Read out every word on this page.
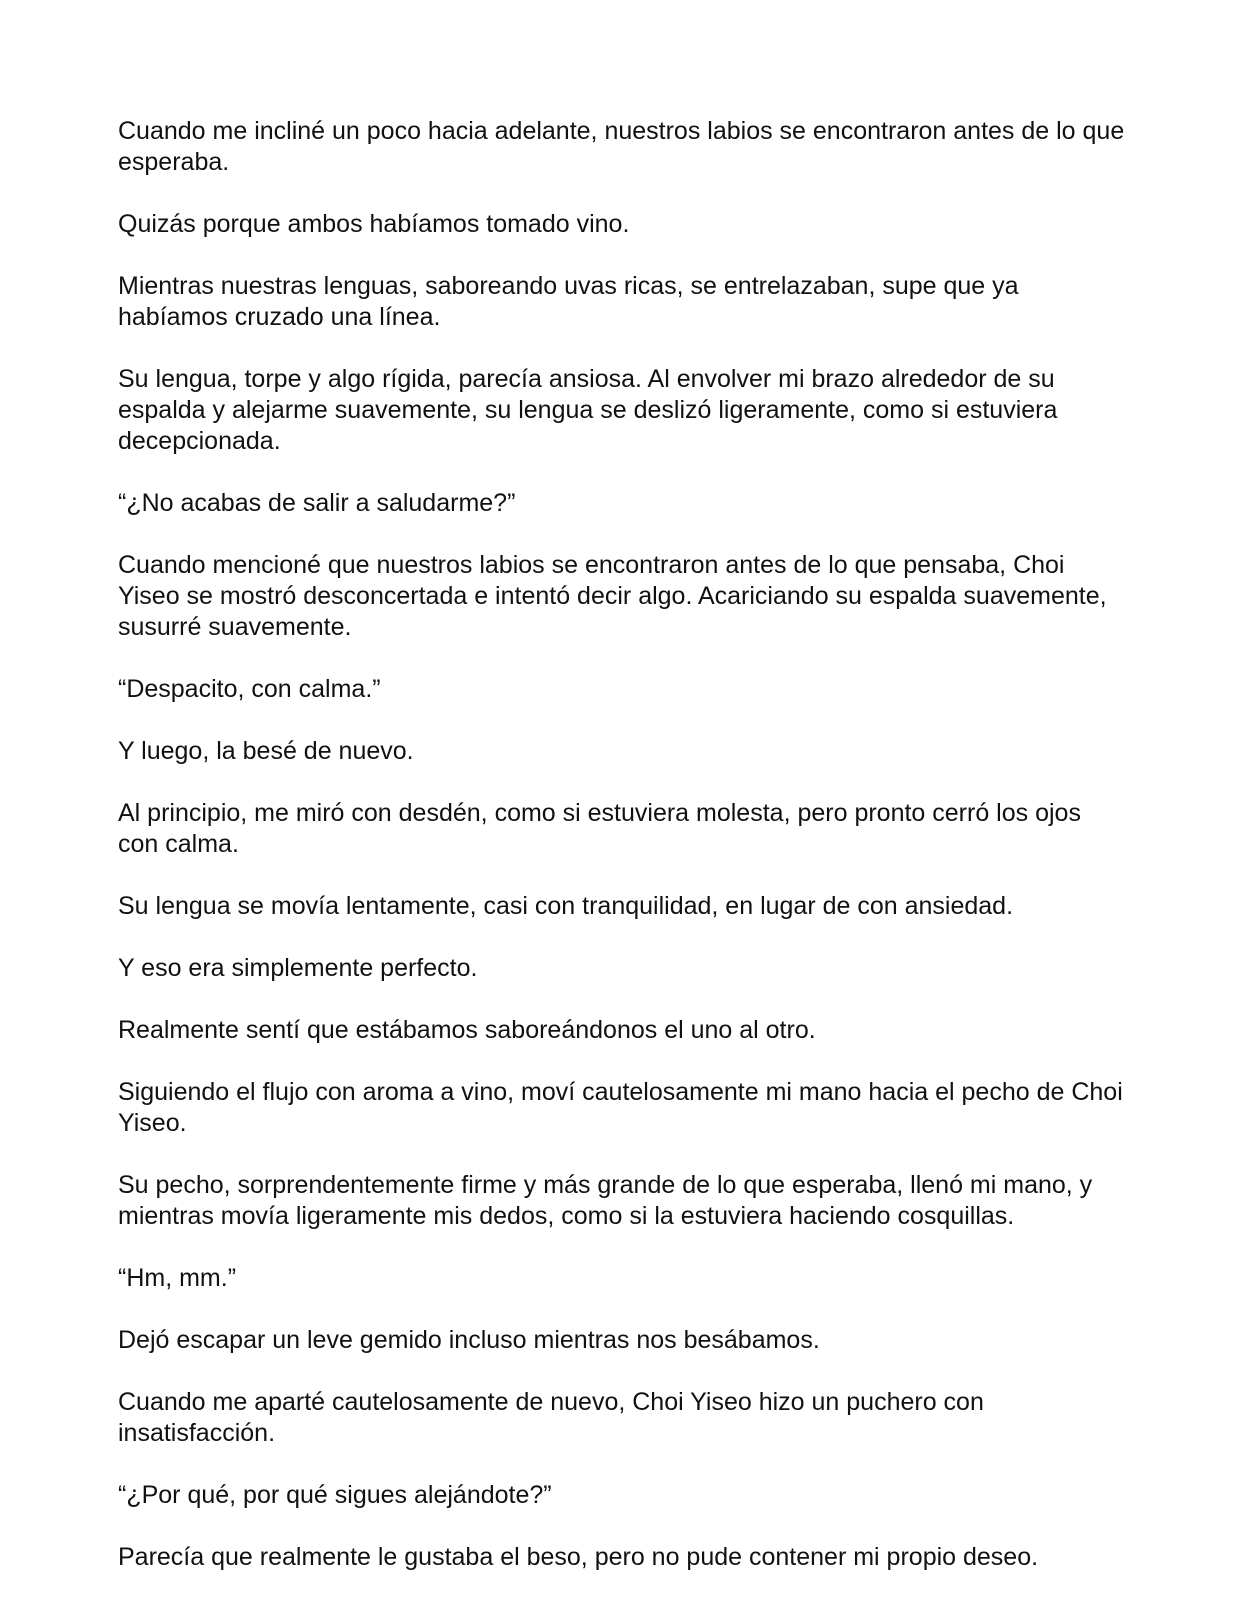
Cuando me incliné un poco hacia adelante, nuestros labios se encontraron antes de lo que esperaba.

Quizás porque ambos habíamos tomado vino.

Mientras nuestras lenguas, saboreando uvas ricas, se entrelazaban, supe que ya habíamos cruzado una línea.

Su lengua, torpe y algo rígida, parecía ansiosa. Al envolver mi brazo alrededor de su espalda y alejarme suavemente, su lengua se deslizó ligeramente, como si estuviera decepcionada.

“¿No acabas de salir a saludarme?”

Cuando mencioné que nuestros labios se encontraron antes de lo que pensaba, Choi Yiseo se mostró desconcertada e intentó decir algo. Acariciando su espalda suavemente, susurré suavemente.

“Despacito, con calma.”

Y luego, la besé de nuevo.

Al principio, me miró con desdén, como si estuviera molesta, pero pronto cerró los ojos con calma.

Su lengua se movía lentamente, casi con tranquilidad, en lugar de con ansiedad.

Y eso era simplemente perfecto.

Realmente sentí que estábamos saboreándonos el uno al otro.

Siguiendo el flujo con aroma a vino, moví cautelosamente mi mano hacia el pecho de Choi Yiseo.

Su pecho, sorprendentemente firme y más grande de lo que esperaba, llenó mi mano, y mientras movía ligeramente mis dedos, como si la estuviera haciendo cosquillas.

“Hm, mm.”

Dejó escapar un leve gemido incluso mientras nos besábamos.

Cuando me aparté cautelosamente de nuevo, Choi Yiseo hizo un puchero con insatisfacción.

“¿Por qué, por qué sigues alejándote?”

Parecía que realmente le gustaba el beso, pero no pude contener mi propio deseo.
